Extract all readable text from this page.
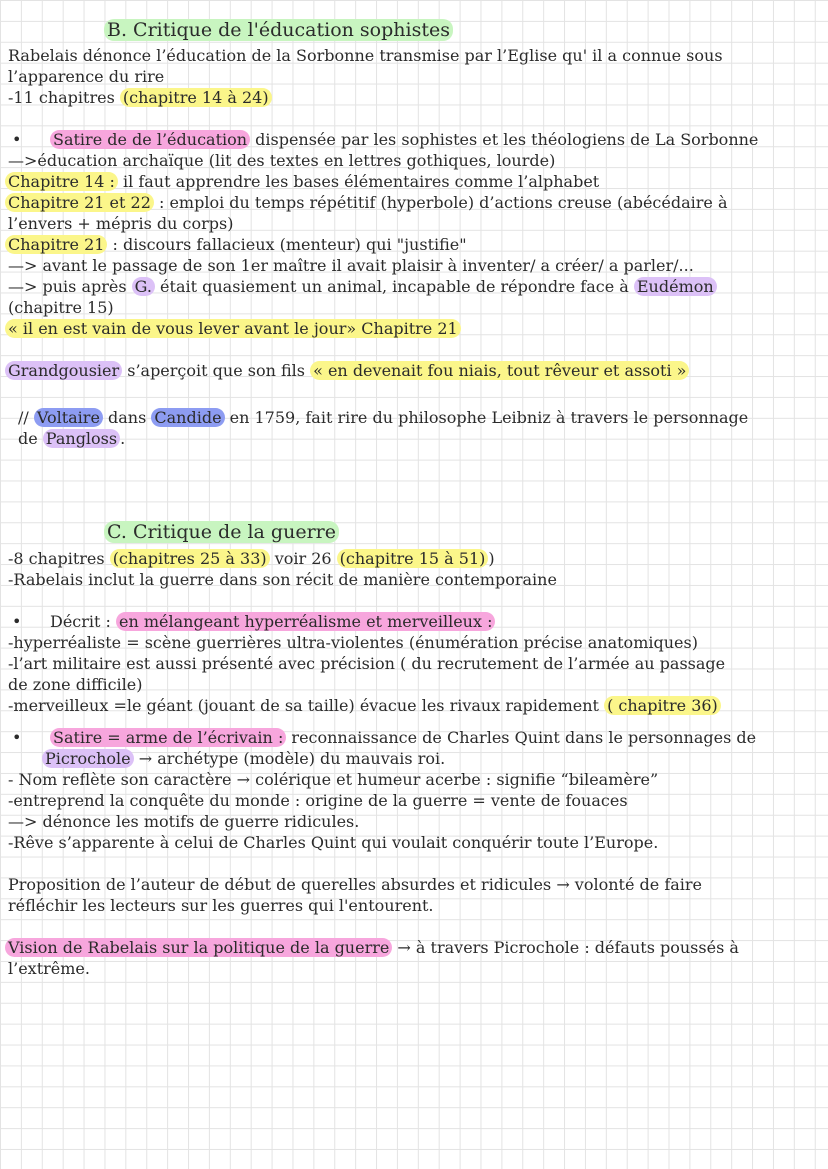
B. Critique de l'éducation sophistes
Rabelais dénonce l’éducation de la Sorbonne transmise par l’Eglise qu' il a connue sous
l’apparence du rire
-11 chapitres (chapitre 14 à 24)
• Satire de de l’éducation dispensée par les sophistes et les théologiens de La Sorbonne
—>éducation archaïque (lit des textes en lettres gothiques, lourde)
Chapitre 14 : il faut apprendre les bases élémentaires comme l’alphabet
Chapitre 21 et 22 : emploi du temps répétitif (hyperbole) d’actions creuse (abécédaire à
l’envers + mépris du corps)
Chapitre 21 : discours fallacieux (menteur) qui "justifie"
—> avant le passage de son 1er maître il avait plaisir à inventer/ a créer/ a parler/...
—> puis après G. était quasiement un animal, incapable de répondre face à Eudémon
(chapitre 15)
« il en est vain de vous lever avant le jour» Chapitre 21
Grandgousier s’aperçoit que son fils « en devenait fou niais, tout rêveur et assoti »
// Voltaire dans Candide en 1759, fait rire du philosophe Leibniz à travers le personnage
de Pangloss .
C. Critique de la guerre
-8 chapitres (chapitres 25 à 33) voir 26 (chapitre 15 à 51) )
-Rabelais inclut la guerre dans son récit de manière contemporaine
• Décrit : en mélangeant hyperréalisme et merveilleux :
-hyperréaliste = scène guerrières ultra-violentes (énumération précise anatomiques)
-l’art militaire est aussi présenté avec précision ( du recrutement de l’armée au passage
de zone difficile)
-merveilleux =le géant (jouant de sa taille) évacue les rivaux rapidement ( chapitre 36)
• Satire = arme de l’écrivain : reconnaissance de Charles Quint dans le personnages de
Picrochole → archétype (modèle) du mauvais roi.
- Nom reflète son caractère → colérique et humeur acerbe : signifie “bileamère”
-entreprend la conquête du monde : origine de la guerre = vente de fouaces
—> dénonce les motifs de guerre ridicules.
-Rêve s’apparente à celui de Charles Quint qui voulait conquérir toute l’Europe.
Proposition de l’auteur de début de querelles absurdes et ridicules → volonté de faire
réfléchir les lecteurs sur les guerres qui l'entourent.
Vision de Rabelais sur la politique de la guerre → à travers Picrochole : défauts poussés à
l’extrême.
